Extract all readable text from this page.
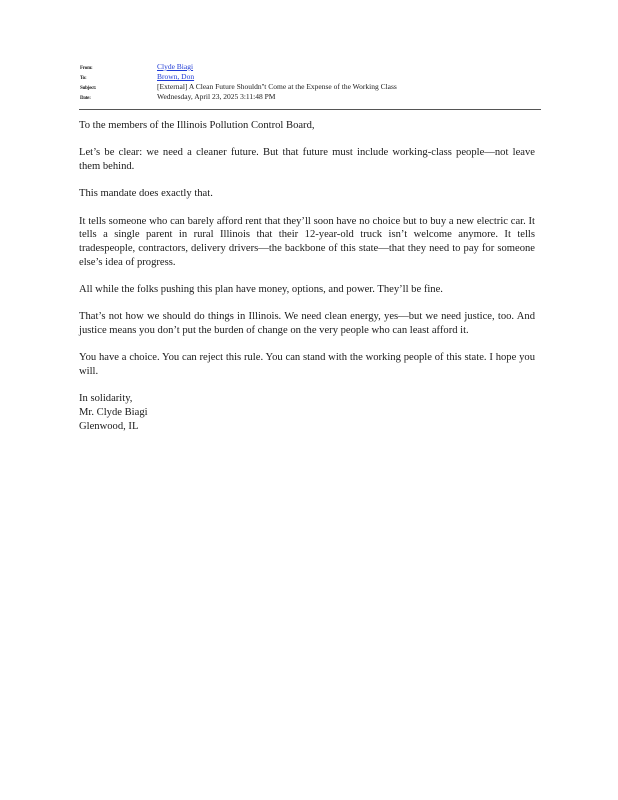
From:	Clyde Biagi
To:	Brown, Don
Subject:	[External] A Clean Future Shouldn''t Come at the Expense of the Working Class
Date:	Wednesday, April 23, 2025 3:11:48 PM

To the members of the Illinois Pollution Control Board,

Let’s be clear: we need a cleaner future. But that future must include working-class people—not leave them behind.

This mandate does exactly that.

It tells someone who can barely afford rent that they’ll soon have no choice but to buy a new electric car. It tells a single parent in rural Illinois that their 12-year-old truck isn’t welcome anymore. It tells tradespeople, contractors, delivery drivers—the backbone of this state—that they need to pay for someone else’s idea of progress.

All while the folks pushing this plan have money, options, and power. They’ll be fine.

That’s not how we should do things in Illinois. We need clean energy, yes—but we need justice, too. And justice means you don’t put the burden of change on the very people who can least afford it.

You have a choice. You can reject this rule. You can stand with the working people of this state. I hope you will.

In solidarity,
Mr. Clyde Biagi
Glenwood, IL
